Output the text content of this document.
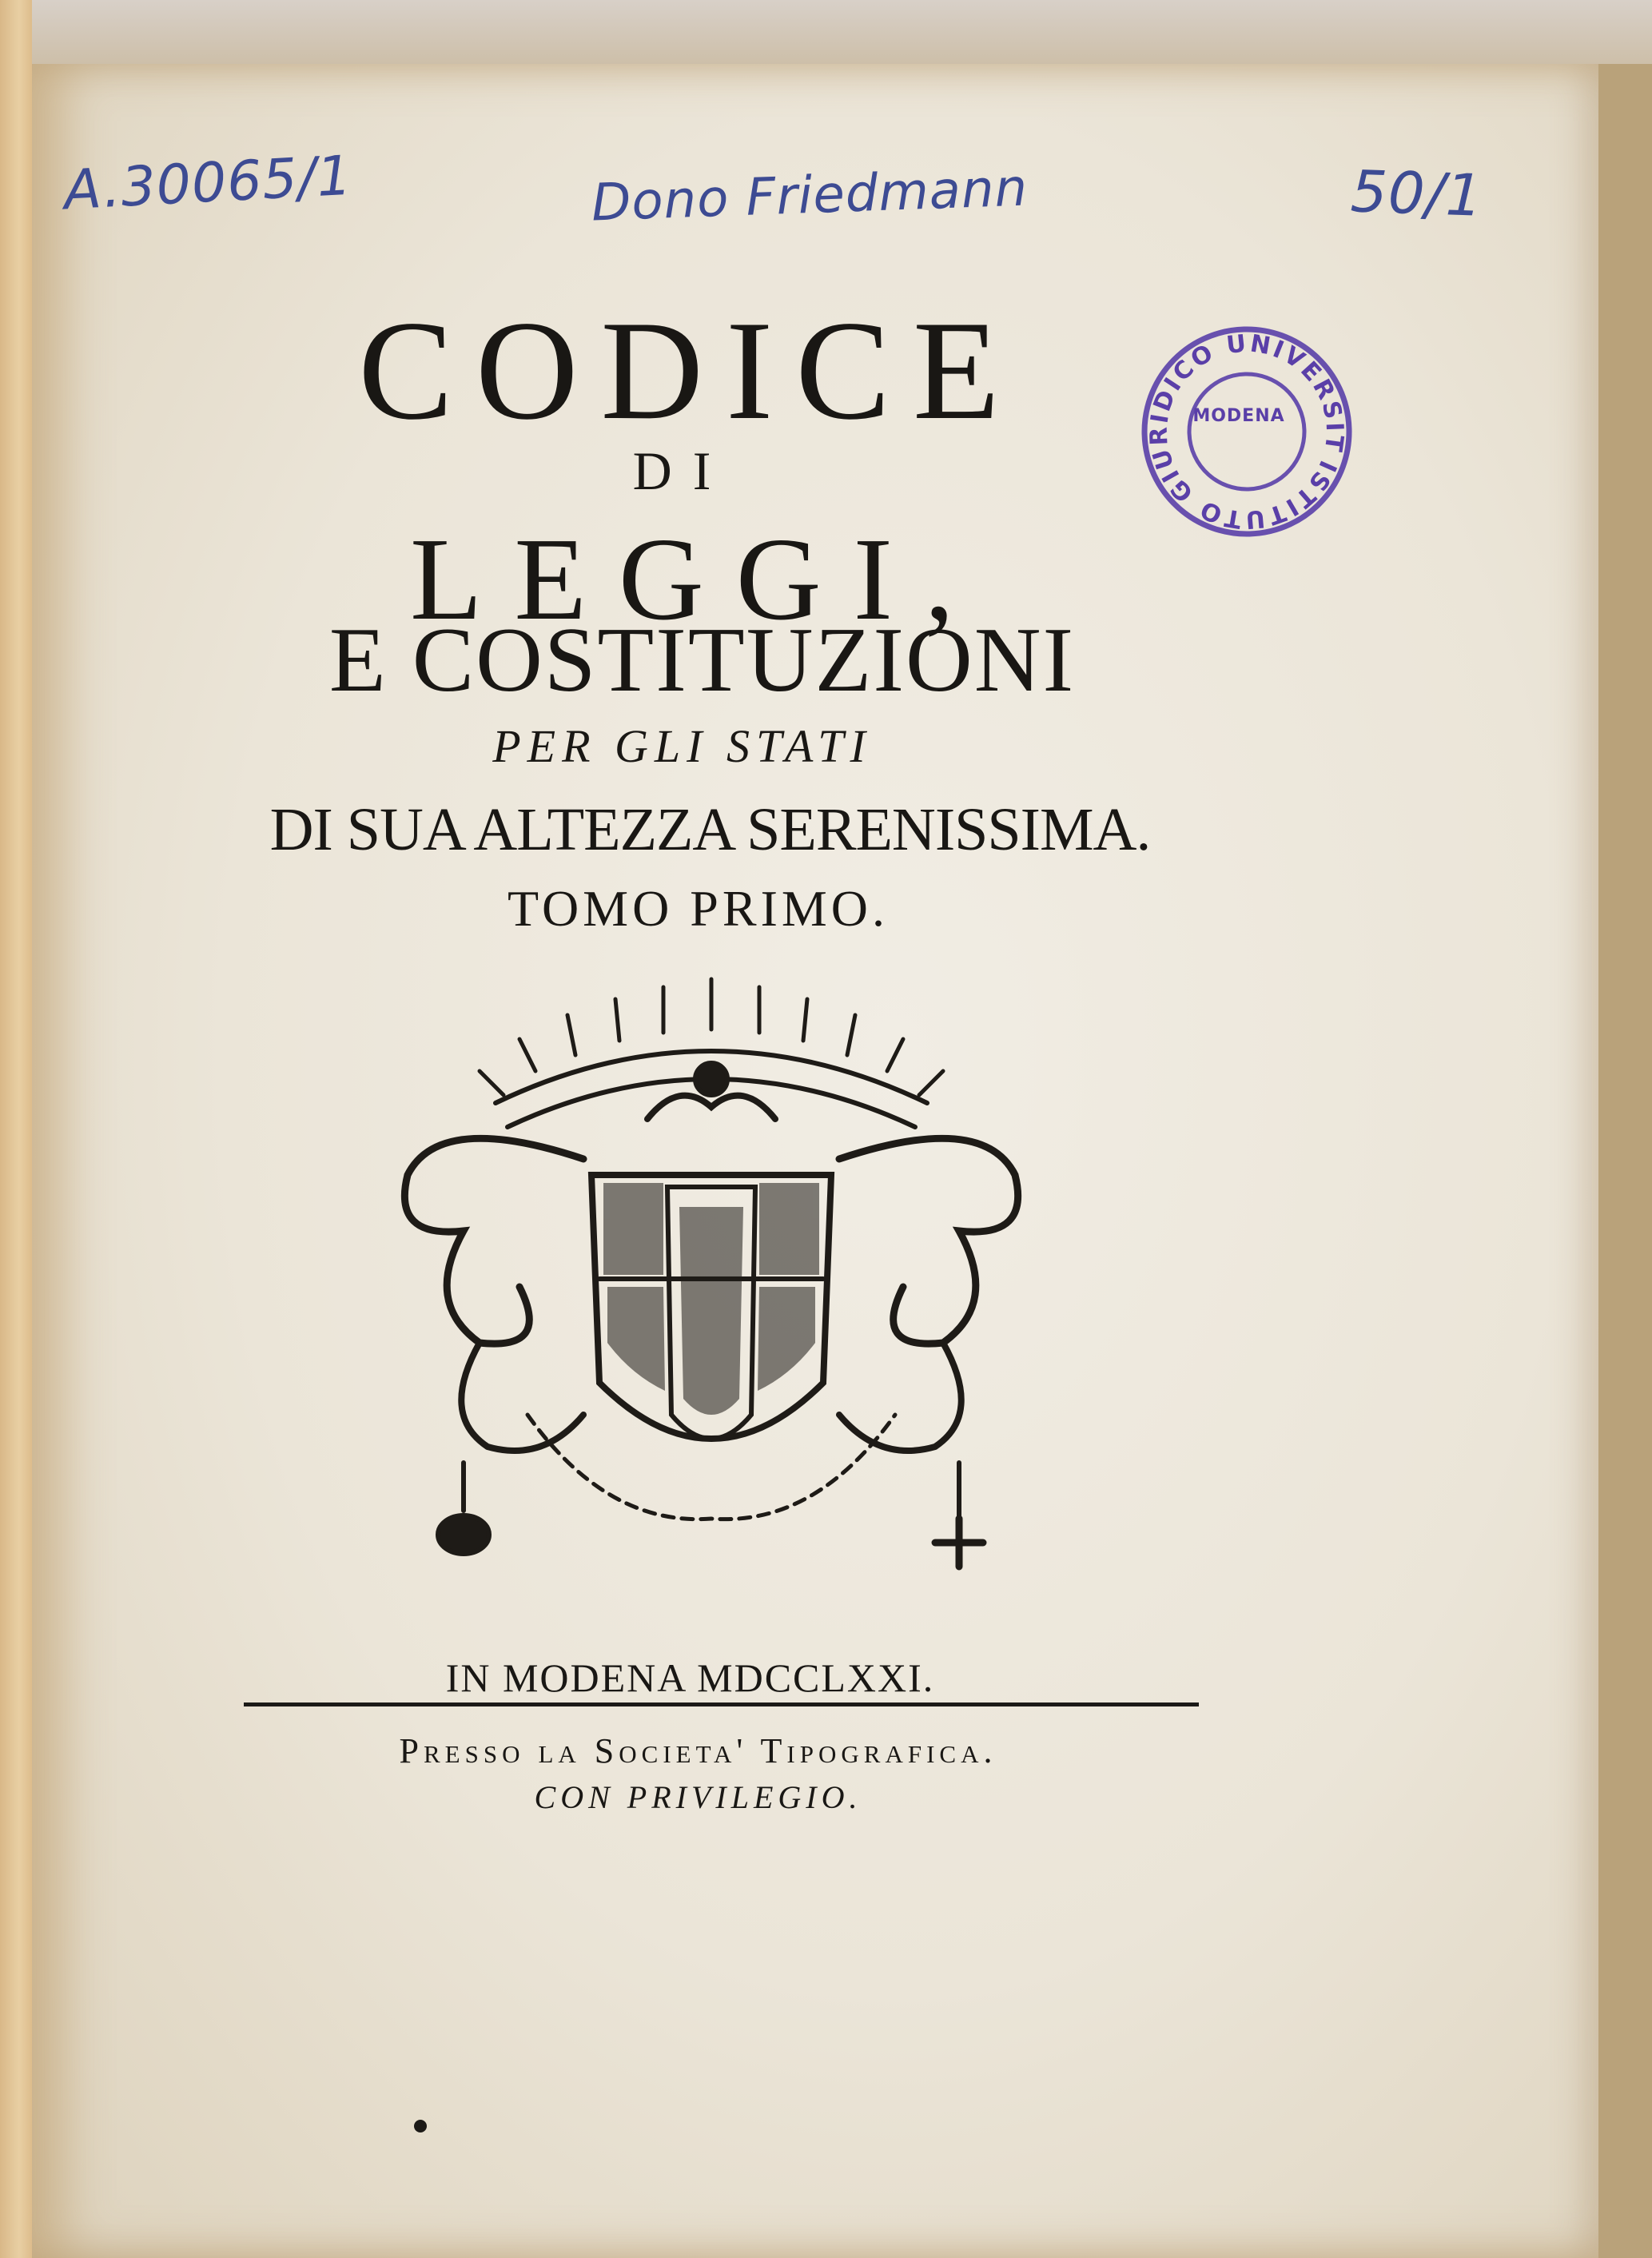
A.30065/1	Dono Friedmann	50/1
ISTITUTO GIURIDICO UNIVERSITÀ
MODENA
CODICE
DI
LEGGI,
E COSTITUZIONI
PER GLI STATI
DI SUA ALTEZZA SERENISSIMA.
TOMO PRIMO.
IN MODENA MDCCLXXI.
Presso la Societa' Tipografica.
CON PRIVILEGIO.
